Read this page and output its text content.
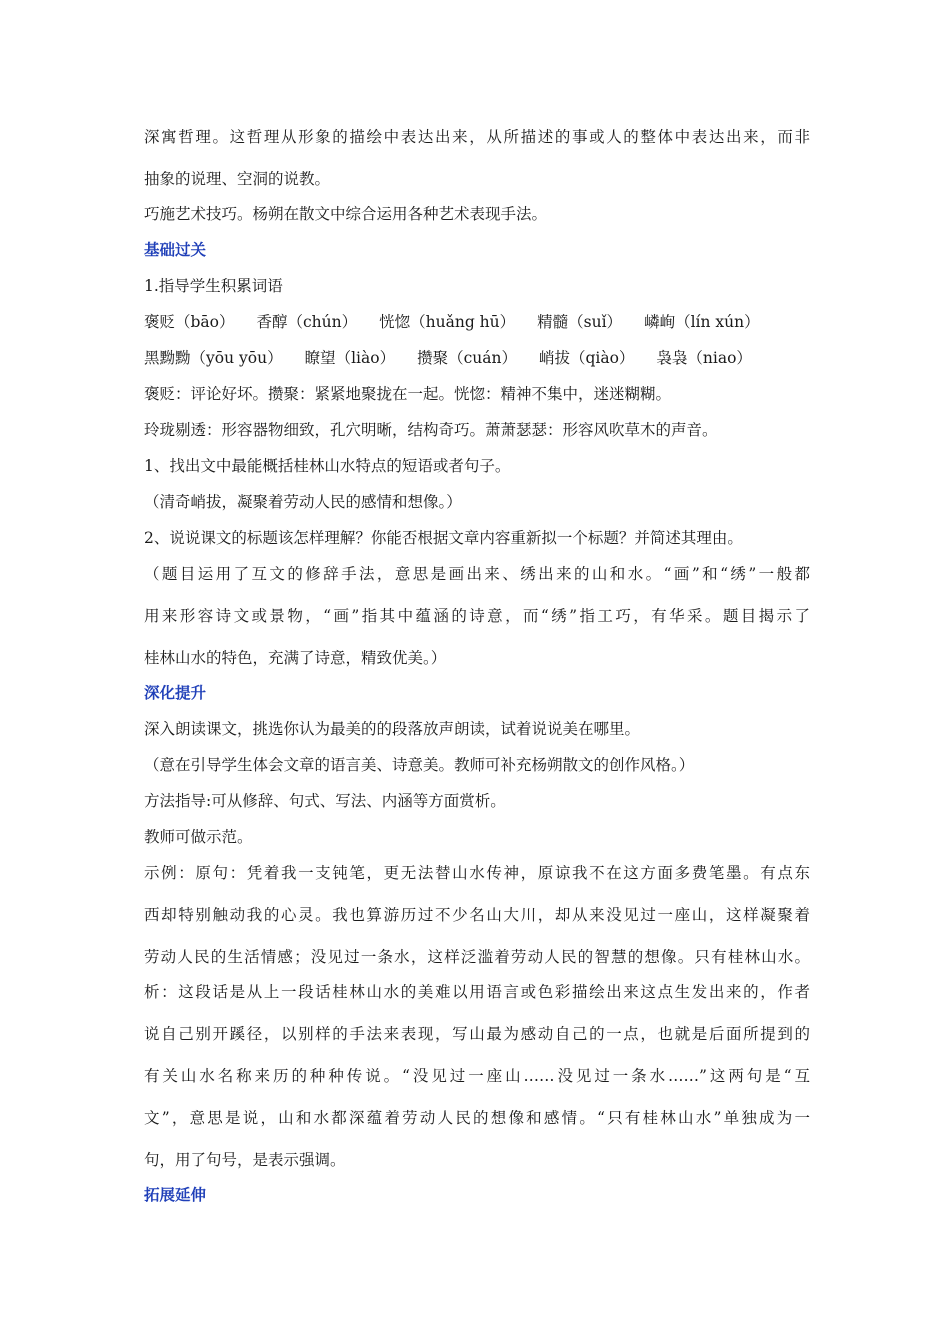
深寓哲理。这哲理从形象的描绘中表达出来，从所描述的事或人的整体中表达出来，而非
抽象的说理、空洞的说教。
巧施艺术技巧。杨朔在散文中综合运用各种艺术表现手法。
基础过关
1.指导学生积累词语
褒贬（bāo） 香醇（chún） 恍惚（huǎng hū） 精髓（suǐ） 嶙峋（lín xún）
黑黝黝（yōu yōu） 瞭望（liào） 攒聚（cuán） 峭拔（qiào） 袅袅（niao）
褒贬：评论好坏。攒聚：紧紧地聚拢在一起。恍惚：精神不集中，迷迷糊糊。
玲珑剔透：形容器物细致，孔穴明晰，结构奇巧。萧萧瑟瑟：形容风吹草木的声音。
1、找出文中最能概括桂林山水特点的短语或者句子。
（清奇峭拔，凝聚着劳动人民的感情和想像。）
2、说说课文的标题该怎样理解？你能否根据文章内容重新拟一个标题？并简述其理由。
（题目运用了互文的修辞手法，意思是画出来、绣出来的山和水。“画”和“绣”一般都
用来形容诗文或景物，“画”指其中蕴涵的诗意，而“绣”指工巧，有华采。题目揭示了
桂林山水的特色，充满了诗意，精致优美。）
深化提升
深入朗读课文，挑选你认为最美的的段落放声朗读，试着说说美在哪里。
（意在引导学生体会文章的语言美、诗意美。教师可补充杨朔散文的创作风格。）
方法指导:可从修辞、句式、写法、内涵等方面赏析。
教师可做示范。
示例：原句：凭着我一支钝笔，更无法替山水传神，原谅我不在这方面多费笔墨。有点东
西却特别触动我的心灵。我也算游历过不少名山大川，却从来没见过一座山，这样凝聚着
劳动人民的生活情感；没见过一条水，这样泛滥着劳动人民的智慧的想像。只有桂林山水。
析：这段话是从上一段话桂林山水的美难以用语言或色彩描绘出来这点生发出来的，作者
说自己别开蹊径，以别样的手法来表现，写山最为感动自己的一点，也就是后面所提到的
有关山水名称来历的种种传说。“没见过一座山……没见过一条水……”这两句是“互
文”，意思是说，山和水都深蕴着劳动人民的想像和感情。“只有桂林山水”单独成为一
句，用了句号，是表示强调。
拓展延伸
